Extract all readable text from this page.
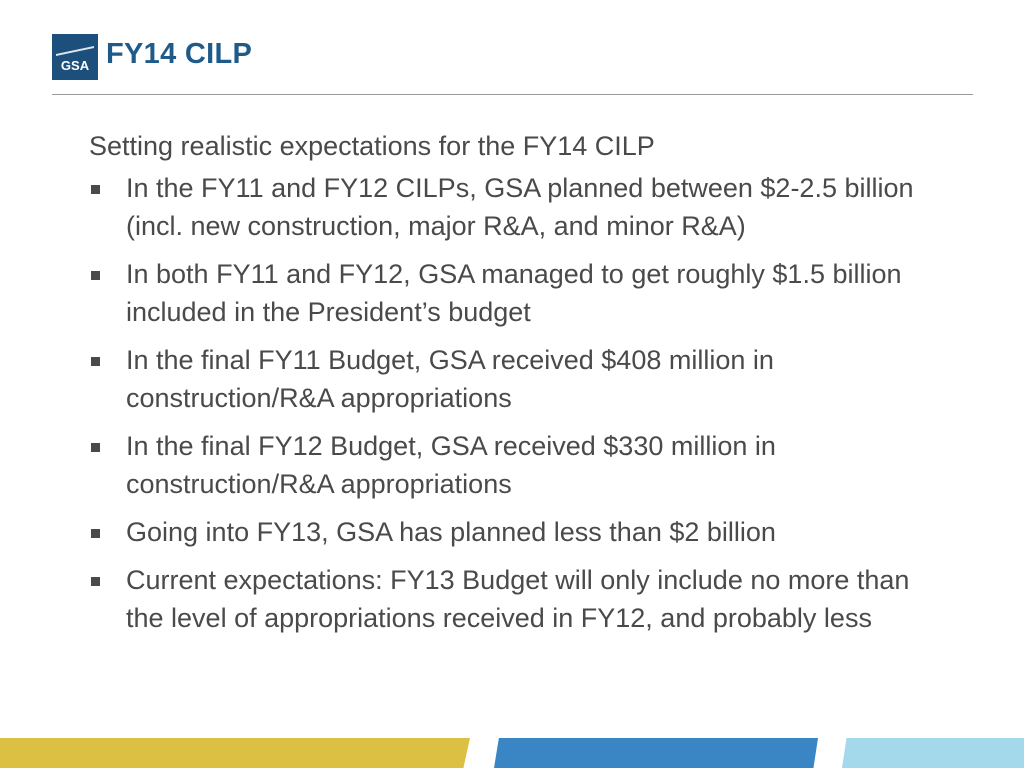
GSA FY14 CILP

Setting realistic expectations for the FY14 CILP

In the FY11 and FY12 CILPs, GSA planned between $2-2.5 billion (incl. new construction, major R&A, and minor R&A)
In both FY11 and FY12, GSA managed to get roughly $1.5 billion included in the President’s budget
In the final FY11 Budget, GSA received $408 million in construction/R&A appropriations
In the final FY12 Budget, GSA received $330 million in construction/R&A appropriations
Going into FY13, GSA has planned less than $2 billion
Current expectations: FY13 Budget will only include no more than the level of appropriations received in FY12, and probably less
